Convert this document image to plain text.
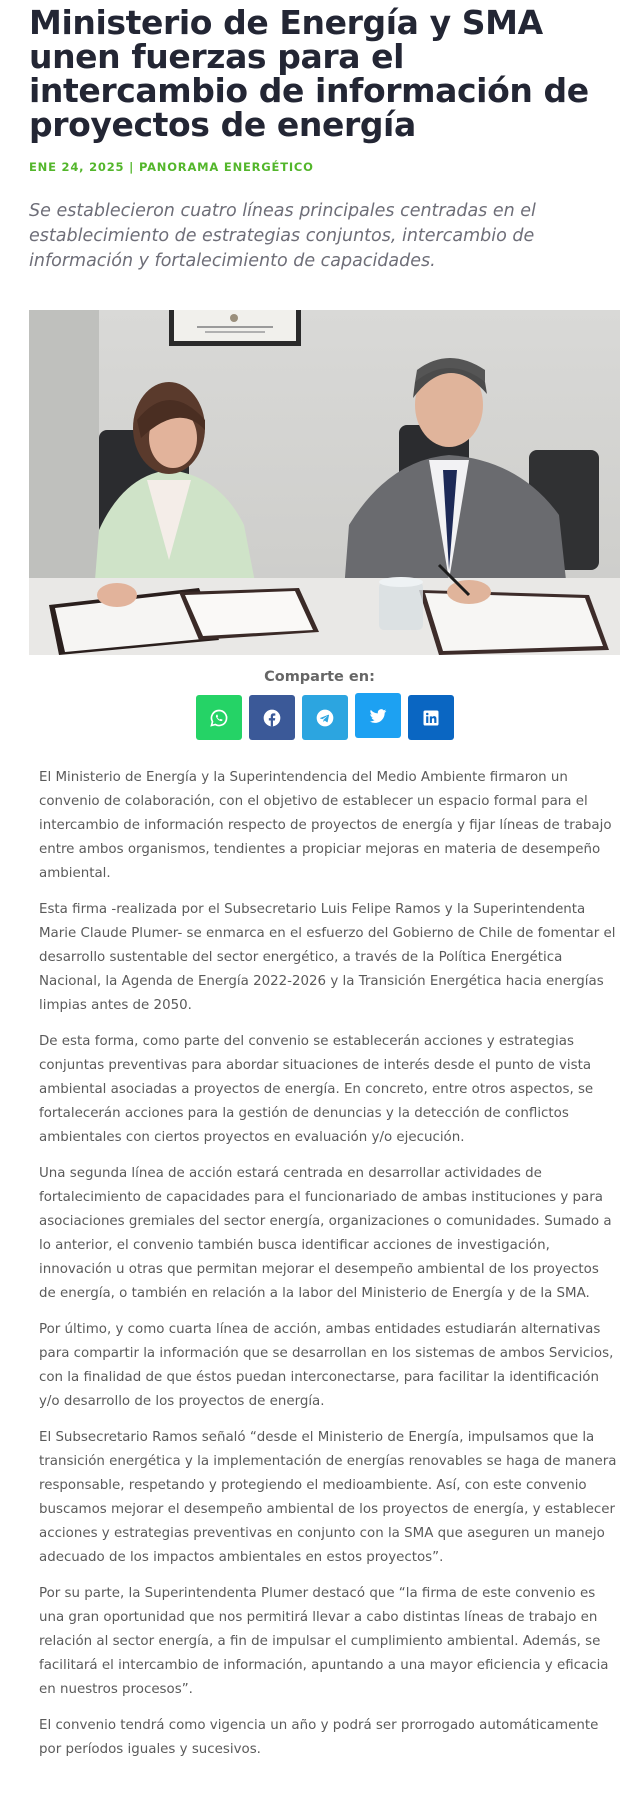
Ministerio de Energía y SMA unen fuerzas para el intercambio de información de proyectos de energía
ENE 24, 2025 | PANORAMA ENERGÉTICO

Se establecieron cuatro líneas principales centradas en el establecimiento de estrategias conjuntos, intercambio de información y fortalecimiento de capacidades.

Comparte en:

El Ministerio de Energía y la Superintendencia del Medio Ambiente firmaron un convenio de colaboración, con el objetivo de establecer un espacio formal para el intercambio de información respecto de proyectos de energía y fijar líneas de trabajo entre ambos organismos, tendientes a propiciar mejoras en materia de desempeño ambiental.

Esta firma -realizada por el Subsecretario Luis Felipe Ramos y la Superintendenta Marie Claude Plumer- se enmarca en el esfuerzo del Gobierno de Chile de fomentar el desarrollo sustentable del sector energético, a través de la Política Energética Nacional, la Agenda de Energía 2022-2026 y la Transición Energética hacia energías limpias antes de 2050.

De esta forma, como parte del convenio se establecerán acciones y estrategias conjuntas preventivas para abordar situaciones de interés desde el punto de vista ambiental asociadas a proyectos de energía. En concreto, entre otros aspectos, se fortalecerán acciones para la gestión de denuncias y la detección de conflictos ambientales con ciertos proyectos en evaluación y/o ejecución.

Una segunda línea de acción estará centrada en desarrollar actividades de fortalecimiento de capacidades para el funcionariado de ambas instituciones y para asociaciones gremiales del sector energía, organizaciones o comunidades. Sumado a lo anterior, el convenio también busca identificar acciones de investigación, innovación u otras que permitan mejorar el desempeño ambiental de los proyectos de energía, o también en relación a la labor del Ministerio de Energía y de la SMA.

Por último, y como cuarta línea de acción, ambas entidades estudiarán alternativas para compartir la información que se desarrollan en los sistemas de ambos Servicios, con la finalidad de que éstos puedan interconectarse, para facilitar la identificación y/o desarrollo de los proyectos de energía.

El Subsecretario Ramos señaló “desde el Ministerio de Energía, impulsamos que la transición energética y la implementación de energías renovables se haga de manera responsable, respetando y protegiendo el medioambiente. Así, con este convenio buscamos mejorar el desempeño ambiental de los proyectos de energía, y establecer acciones y estrategias preventivas en conjunto con la SMA que aseguren un manejo adecuado de los impactos ambientales en estos proyectos”.

Por su parte, la Superintendenta Plumer destacó que “la firma de este convenio es una gran oportunidad que nos permitirá llevar a cabo distintas líneas de trabajo en relación al sector energía, a fin de impulsar el cumplimiento ambiental. Además, se facilitará el intercambio de información, apuntando a una mayor eficiencia y eficacia en nuestros procesos”.

El convenio tendrá como vigencia un año y podrá ser prorrogado automáticamente por períodos iguales y sucesivos.
